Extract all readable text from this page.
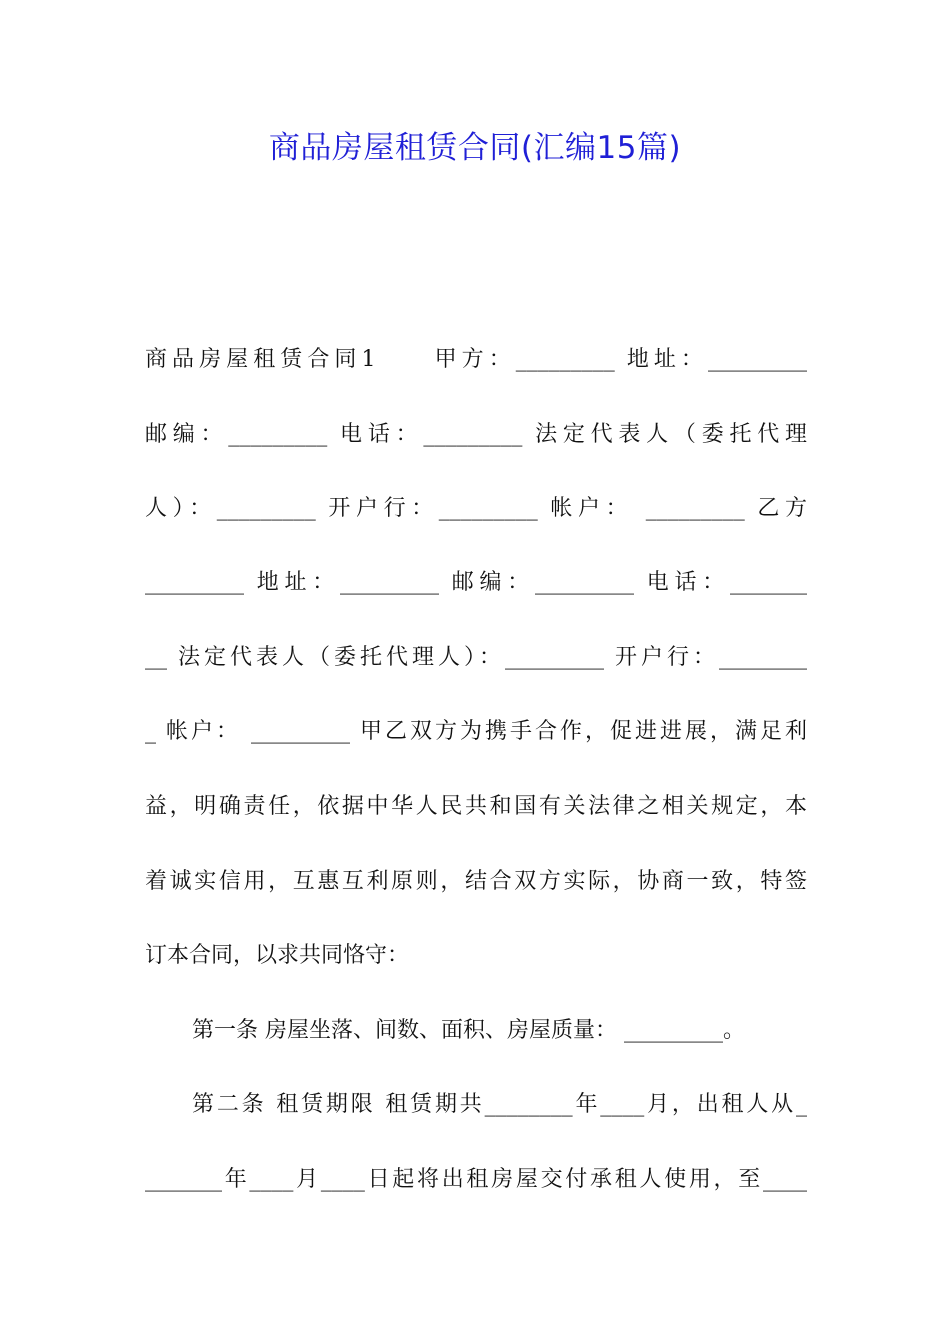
商品房屋租赁合同(汇编15篇)
商品房屋租赁合同1　　甲方：_________ 地址：_________
邮编：_________ 电话：_________ 法定代表人（委托代理
人）：_________ 开户行：_________ 帐户： _________ 乙方
_________ 地址：_________ 邮编：_________ 电话：_______
__ 法定代表人（委托代理人）：_________ 开户行：________
_ 帐户： _________ 甲乙双方为携手合作，促进进展，满足利
益，明确责任，依据中华人民共和国有关法律之相关规定，本
着诚实信用，互惠互利原则，结合双方实际，协商一致，特签
订本合同，以求共同恪守：
第一条 房屋坐落、间数、面积、房屋质量： _________。
第二条 租赁期限 租赁期共________年____月，出租人从_
_______年____月____日起将出租房屋交付承租人使用，至____
